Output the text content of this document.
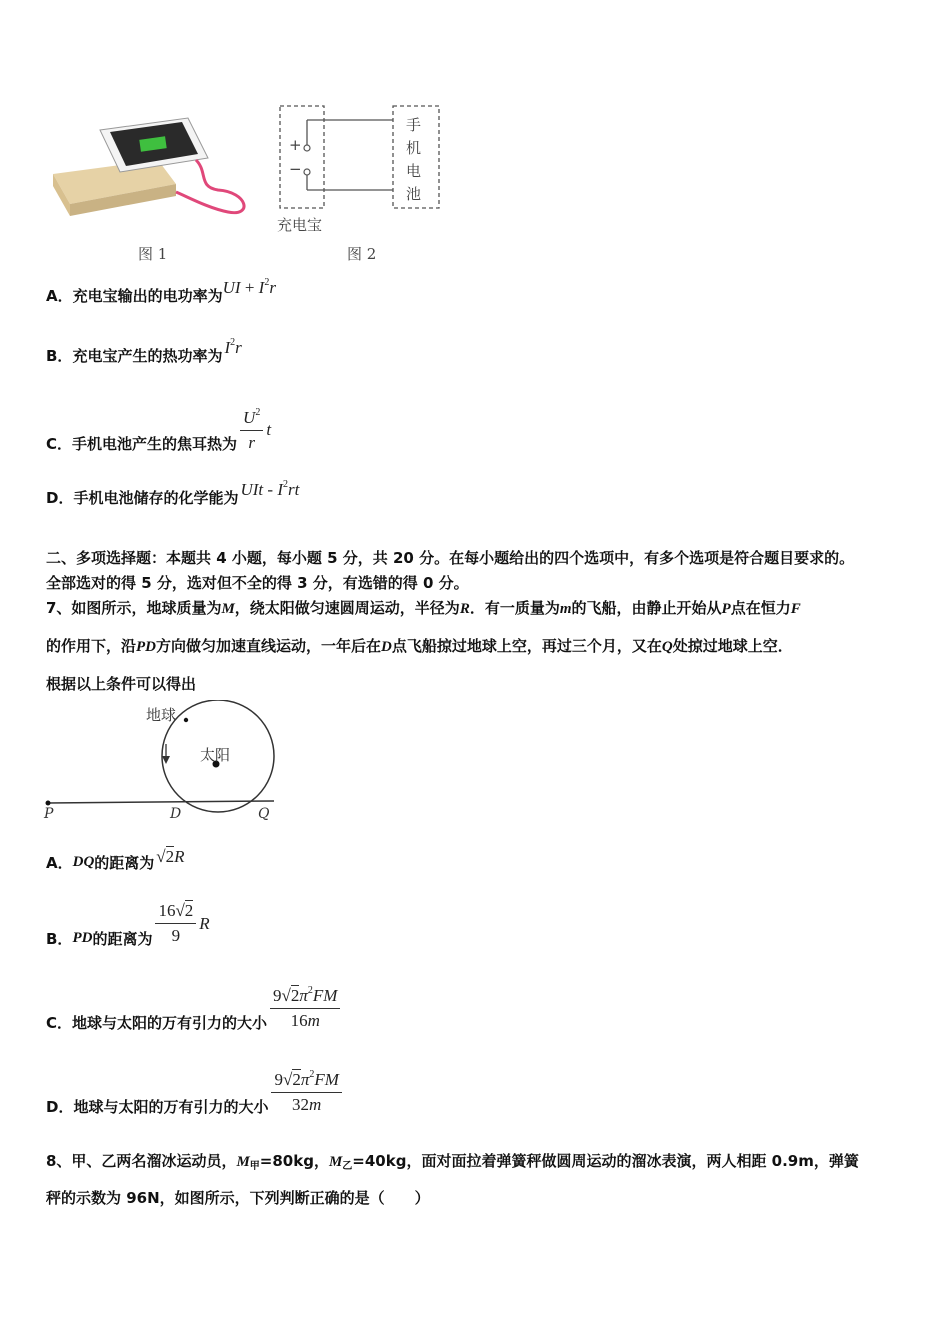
图 1
+
−
手机电池
充电宝
图 2
A． 充电宝输出的电功率为 UI + $I^2r$
B． 充电宝产生的热功率为 $I^2r$
C． 手机电池产生的焦耳热为 $\frac{U^2}{r}$ t
D． 手机电池储存的化学能为 UIt - $I^2rt$
二、多项选择题：本题共 4 小题，每小题 5 分，共 20 分。在每小题给出的四个选项中，有多个选项是符合题目要求的。
全部选对的得 5 分，选对但不全的得 3 分，有选错的得 0 分。
7、如图所示，地球质量为M，绕太阳做匀速圆周运动，半径为R．有一质量为m的飞船，由静止开始从P点在恒力F
的作用下，沿PD方向做匀加速直线运动，一年后在D点飞船掠过地球上空，再过三个月，又在Q处掠过地球上空．
根据以上条件可以得出
地球
太阳
P	D	Q
A． DQ 的距离为 √2R
B． PD 的距离为 $\frac{16√2}{9}$ R
C． 地球与太阳的万有引力的大小 $\frac{9√2\pi^2FM}{16m}$
D． 地球与太阳的万有引力的大小 $\frac{9√2\pi^2FM}{32m}$
8、甲、乙两名溜冰运动员，$M_甲=80kg$，$M_乙=40kg$，面对面拉着弹簧秤做圆周运动的溜冰表演，两人相距 0.9m，弹簧
秤的示数为 96N，如图所示，下列判断正确的是（　　）
